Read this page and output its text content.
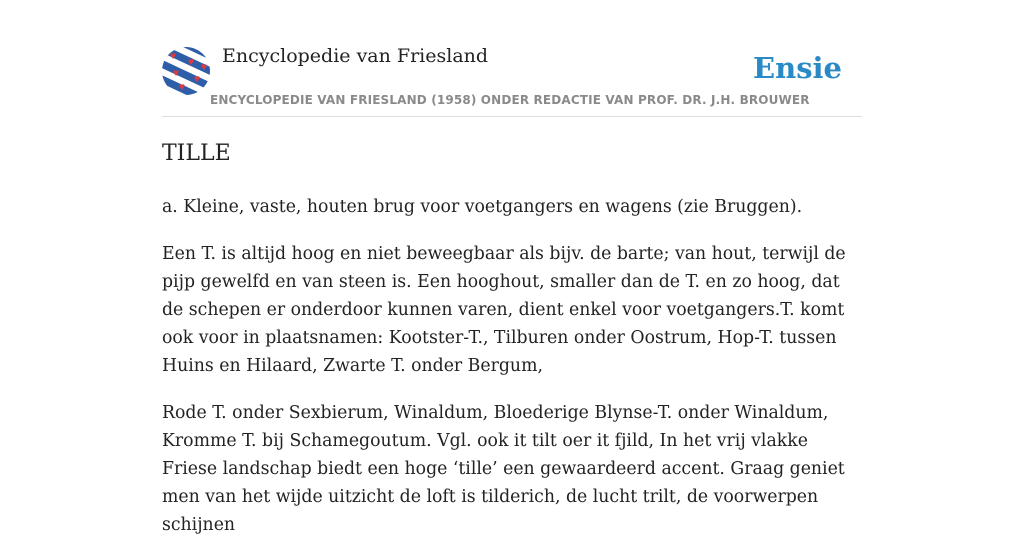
Encyclopedie van Friesland
ENCYCLOPEDIE VAN FRIESLAND (1958) ONDER REDACTIE VAN PROF. DR. J.H. BROUWER
Ensie
TILLE

a. Kleine, vaste, houten brug voor voetgangers en wagens (zie Bruggen).

Een T. is altijd hoog en niet beweegbaar als bijv. de barte; van hout, terwijl de pijp gewelfd en van steen is. Een hooghout, smaller dan de T. en zo hoog, dat de schepen er onderdoor kunnen varen, dient enkel voor voetgangers.T. komt ook voor in plaatsnamen: Kootster-T., Tilburen onder Oostrum, Hop-T. tussen Huins en Hilaard, Zwarte T. onder Bergum,

Rode T. onder Sexbierum, Winaldum, Bloederige Blynse-T. onder Winaldum, Kromme T. bij Schamegoutum. Vgl. ook it tilt oer it fjild, In het vrij vlakke Friese landschap biedt een hoge ‘tille’ een gewaardeerd accent. Graag geniet men van het wijde uitzicht de loft is tilderich, de lucht trilt, de voorwerpen schijnen
